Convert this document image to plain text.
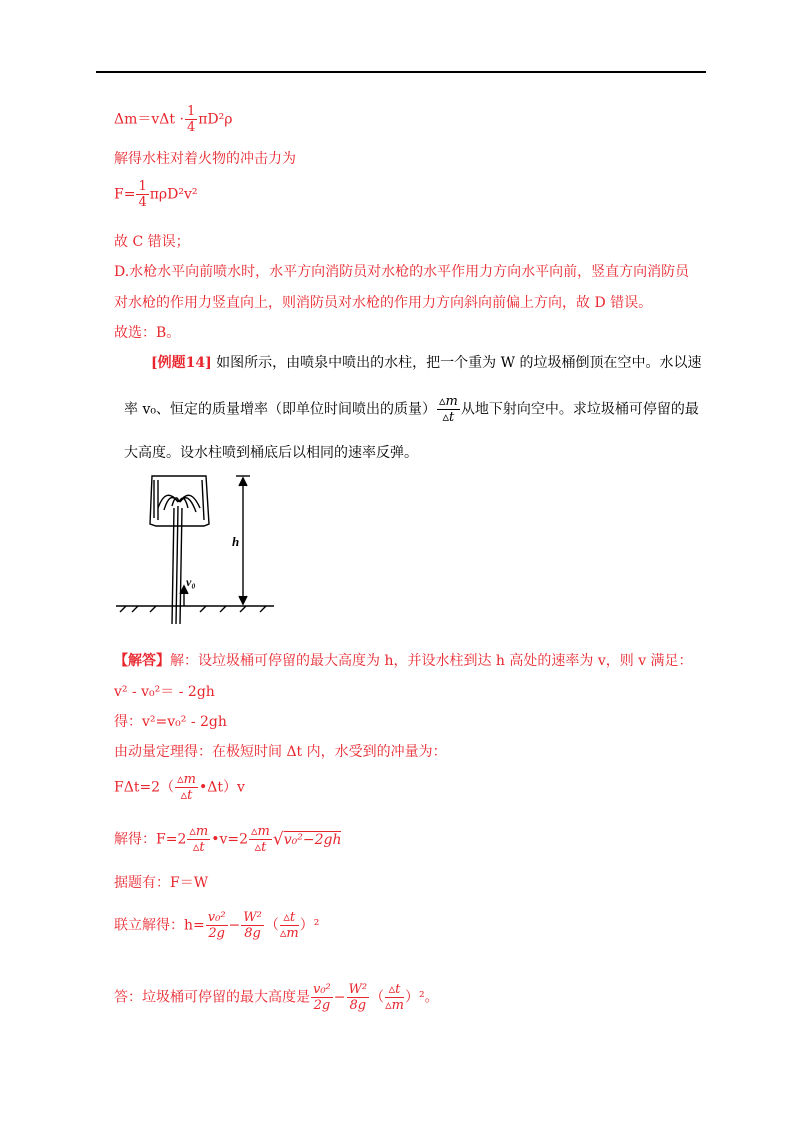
$\Delta m=v\Delta t \cdot \frac{1}{4} \pi D^2\rho$
解得水柱对着火物的冲击力为
$F= \frac{1}{4} \pi\rho D^2v^2$
故 C 错误；
D.水枪水平向前喷水时，水平方向消防员对水枪的水平作用力方向水平向前，竖直方向消防员
对水枪的作用力竖直向上，则消防员对水枪的作用力方向斜向前偏上方向，故 D 错误。
故选：B。
[例题14] 如图所示，由喷泉中喷出的水柱，把一个重为 W 的垃圾桶倒顶在空中。水以速
率 v₀、恒定的质量增率（即单位时间喷出的质量） $\frac{▵m}{▵t}$ 从地下射向空中。求垃圾桶可停留的最
大高度。设水柱喷到桶底后以相同的速率反弹。
h
v₀
【解答】解：设垃圾桶可停留的最大高度为 h，并设水柱到达 h 高处的速率为 v，则 v 满足：
v² - v₀²＝ - 2gh
得：v²=v₀² - 2gh
由动量定理得：在极短时间 Δt 内，水受到的冲量为：
$F\Delta t=2( \frac{▵m}{▵t}$ •Δt）v
解得：$F=2 \frac{▵m}{▵t}$ •v=2 $\frac{▵m}{▵t} √v_0^2-2gh$
据题有：F＝W
联立解得：$h= \frac{\text{v₀²}}{2g} - \frac{\text{W²}}{8g}$ （ $\frac{▵t}{▵m} )^2$
答：垃圾桶可停留的最大高度是 $\frac{\text{v₀²}}{2g} - \frac{\text{W²}}{8g}$ （ $\frac{▵t}{▵m} )^2$。
